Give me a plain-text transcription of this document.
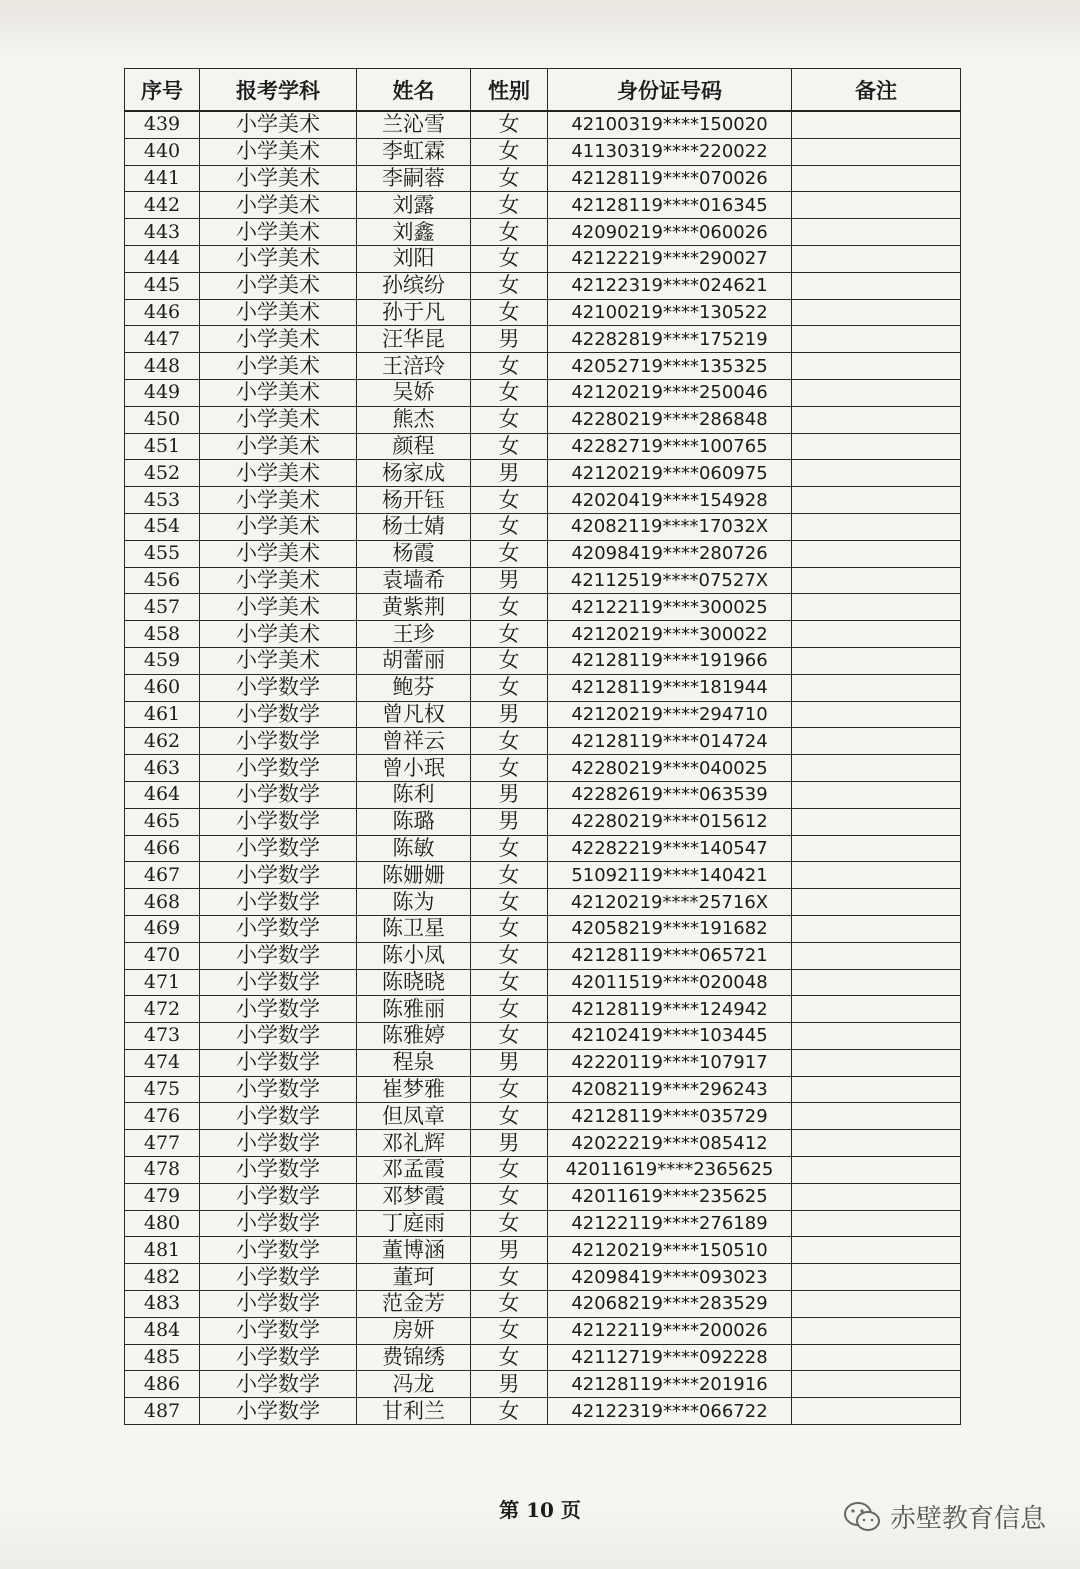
序号	报考学科	姓名	性别	身份证号码	备注
439	小学美术	兰沁雪	女	42100319****150020	
440	小学美术	李虹霖	女	41130319****220022	
441	小学美术	李嗣蓉	女	42128119****070026	
442	小学美术	刘露	女	42128119****016345	
443	小学美术	刘鑫	女	42090219****060026	
444	小学美术	刘阳	女	42122219****290027	
445	小学美术	孙缤纷	女	42122319****024621	
446	小学美术	孙于凡	女	42100219****130522	
447	小学美术	汪华昆	男	42282819****175219	
448	小学美术	王涪玲	女	42052719****135325	
449	小学美术	吴娇	女	42120219****250046	
450	小学美术	熊杰	女	42280219****286848	
451	小学美术	颜程	女	42282719****100765	
452	小学美术	杨家成	男	42120219****060975	
453	小学美术	杨开钰	女	42020419****154928	
454	小学美术	杨士婧	女	42082119****17032X	
455	小学美术	杨霞	女	42098419****280726	
456	小学美术	袁墙希	男	42112519****07527X	
457	小学美术	黄紫荆	女	42122119****300025	
458	小学美术	王珍	女	42120219****300022	
459	小学美术	胡蕾丽	女	42128119****191966	
460	小学数学	鲍芬	女	42128119****181944	
461	小学数学	曾凡权	男	42120219****294710	
462	小学数学	曾祥云	女	42128119****014724	
463	小学数学	曾小珉	女	42280219****040025	
464	小学数学	陈利	男	42282619****063539	
465	小学数学	陈璐	男	42280219****015612	
466	小学数学	陈敏	女	42282219****140547	
467	小学数学	陈姗姗	女	51092119****140421	
468	小学数学	陈为	女	42120219****25716X	
469	小学数学	陈卫星	女	42058219****191682	
470	小学数学	陈小凤	女	42128119****065721	
471	小学数学	陈晓晓	女	42011519****020048	
472	小学数学	陈雅丽	女	42128119****124942	
473	小学数学	陈雅婷	女	42102419****103445	
474	小学数学	程泉	男	42220119****107917	
475	小学数学	崔梦雅	女	42082119****296243	
476	小学数学	但凤章	女	42128119****035729	
477	小学数学	邓礼辉	男	42022219****085412	
478	小学数学	邓孟霞	女	42011619****2365625	
479	小学数学	邓梦霞	女	42011619****235625	
480	小学数学	丁庭雨	女	42122119****276189	
481	小学数学	董博涵	男	42120219****150510	
482	小学数学	董珂	女	42098419****093023	
483	小学数学	范金芳	女	42068219****283529	
484	小学数学	房妍	女	42122119****200026	
485	小学数学	费锦绣	女	42112719****092228	
486	小学数学	冯龙	男	42128119****201916	
487	小学数学	甘利兰	女	42122319****066722	
第 10 页	赤壁教育信息
